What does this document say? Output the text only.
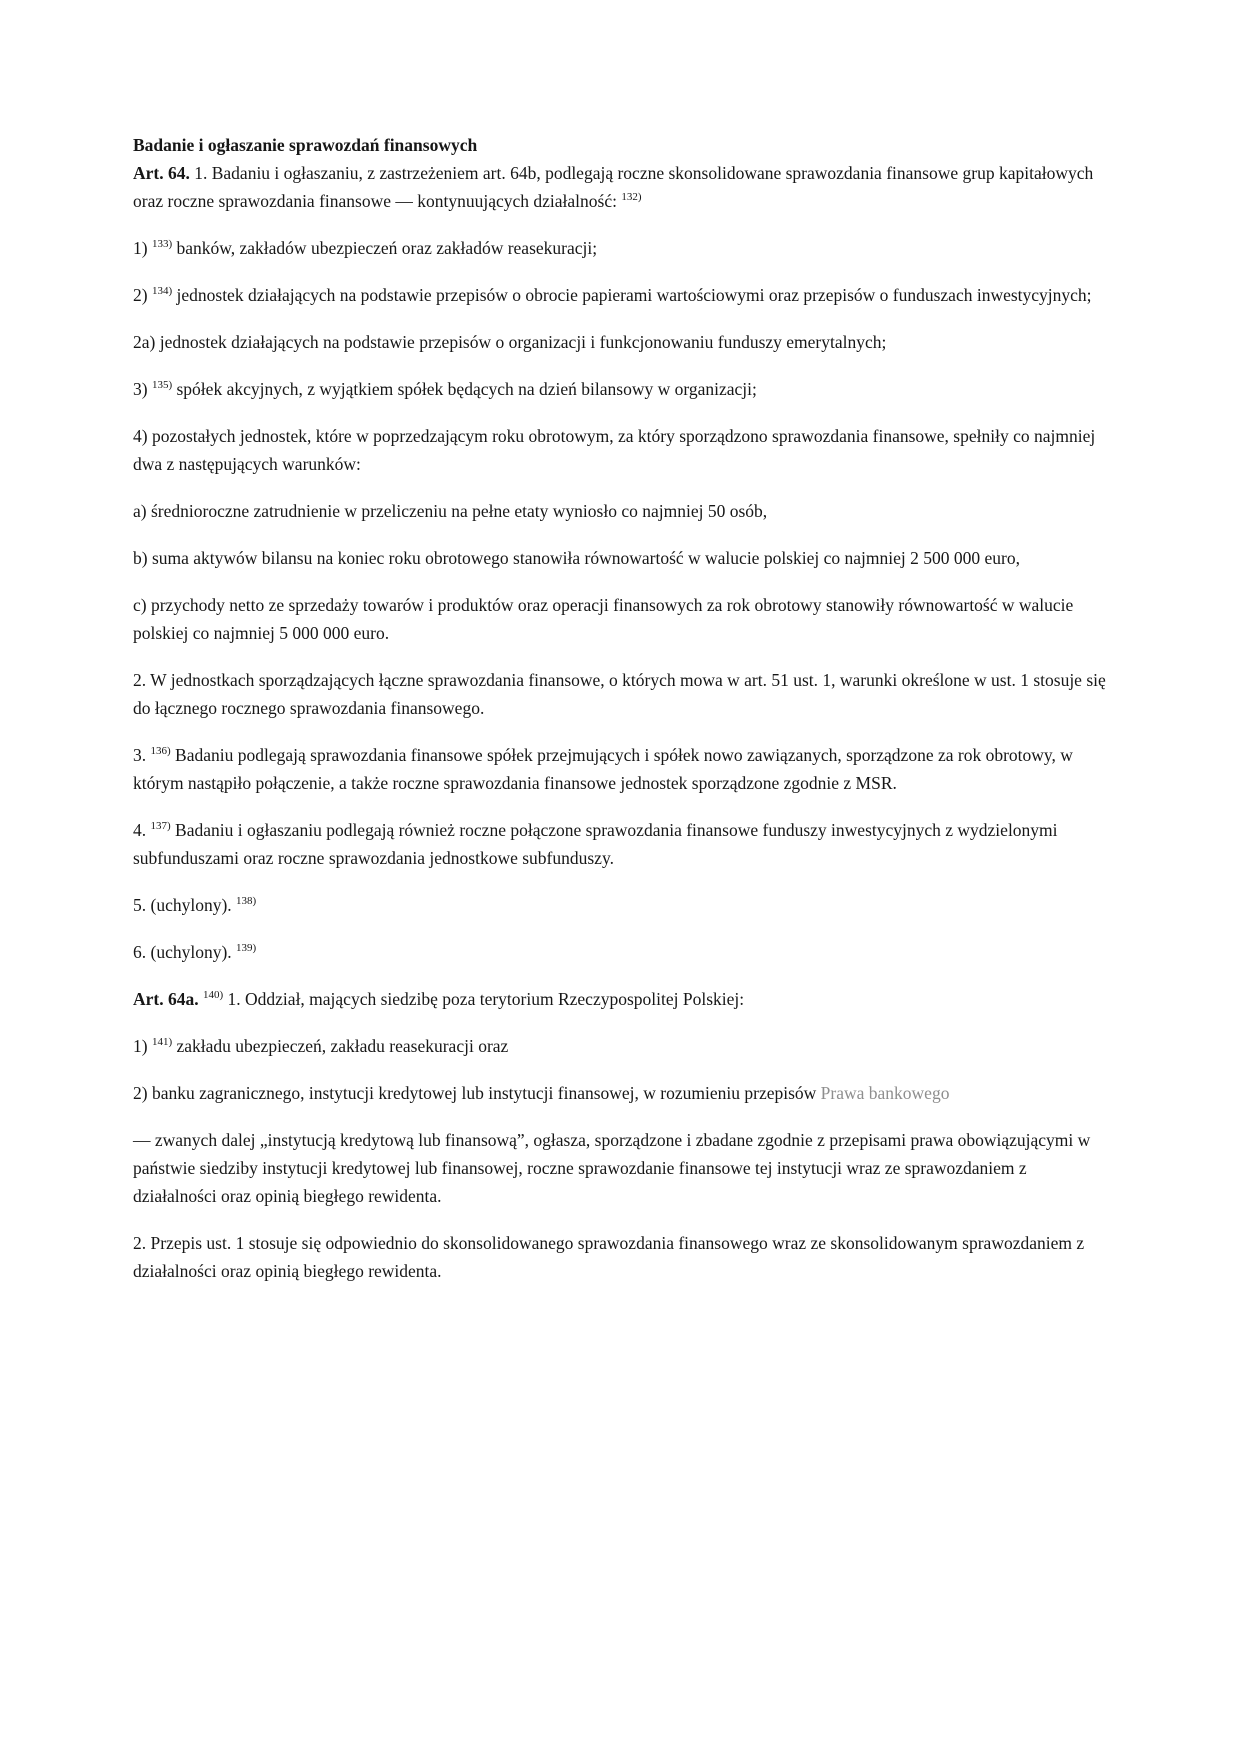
Badanie i ogłaszanie sprawozdań finansowych

Art. 64. 1. Badaniu i ogłaszaniu, z zastrzeżeniem art. 64b, podlegają roczne skonsolidowane sprawozdania finansowe grup kapitałowych oraz roczne sprawozdania finansowe — kontynuujących działalność: $^{132)}$

1) $^{133)}$ banków, zakładów ubezpieczeń oraz zakładów reasekuracji;

2) $^{134)}$ jednostek działających na podstawie przepisów o obrocie papierami wartościowymi oraz przepisów o funduszach inwestycyjnych;

2a) jednostek działających na podstawie przepisów o organizacji i funkcjonowaniu funduszy emerytalnych;

3) $^{135)}$ spółek akcyjnych, z wyjątkiem spółek będących na dzień bilansowy w organizacji;

4) pozostałych jednostek, które w poprzedzającym roku obrotowym, za który sporządzono sprawozdania finansowe, spełniły co najmniej dwa z następujących warunków:

a) średnioroczne zatrudnienie w przeliczeniu na pełne etaty wyniosło co najmniej 50 osób,

b) suma aktywów bilansu na koniec roku obrotowego stanowiła równowartość w walucie polskiej co najmniej 2 500 000 euro,

c) przychody netto ze sprzedaży towarów i produktów oraz operacji finansowych za rok obrotowy stanowiły równowartość w walucie polskiej co najmniej 5 000 000 euro.

2. W jednostkach sporządzających łączne sprawozdania finansowe, o których mowa w art. 51 ust. 1, warunki określone w ust. 1 stosuje się do łącznego rocznego sprawozdania finansowego.

3. $^{136)}$ Badaniu podlegają sprawozdania finansowe spółek przejmujących i spółek nowo zawiązanych, sporządzone za rok obrotowy, w którym nastąpiło połączenie, a także roczne sprawozdania finansowe jednostek sporządzone zgodnie z MSR.

4. $^{137)}$ Badaniu i ogłaszaniu podlegają również roczne połączone sprawozdania finansowe funduszy inwestycyjnych z wydzielonymi subfunduszami oraz roczne sprawozdania jednostkowe subfunduszy.

5. (uchylony). $^{138)}$

6. (uchylony). $^{139)}$

Art. 64a. $^{140)}$ 1. Oddział, mających siedzibę poza terytorium Rzeczypospolitej Polskiej:

1) $^{141)}$ zakładu ubezpieczeń, zakładu reasekuracji oraz

2) banku zagranicznego, instytucji kredytowej lub instytucji finansowej, w rozumieniu przepisów Prawa bankowego

— zwanych dalej „instytucją kredytową lub finansową”, ogłasza, sporządzone i zbadane zgodnie z przepisami prawa obowiązującymi w państwie siedziby instytucji kredytowej lub finansowej, roczne sprawozdanie finansowe tej instytucji wraz ze sprawozdaniem z działalności oraz opinią biegłego rewidenta.

2. Przepis ust. 1 stosuje się odpowiednio do skonsolidowanego sprawozdania finansowego wraz ze skonsolidowanym sprawozdaniem z działalności oraz opinią biegłego rewidenta.
